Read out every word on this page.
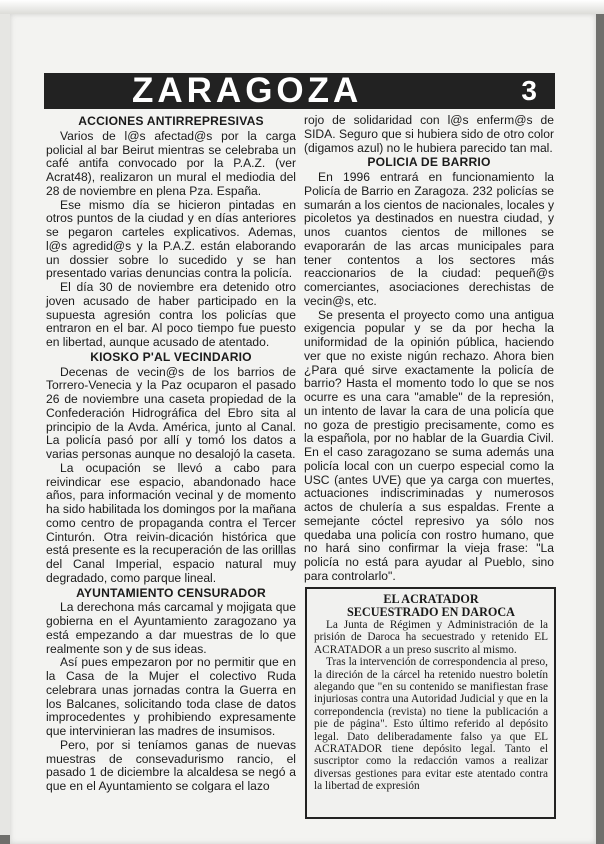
ZARAGOZA	3
ACCIONES ANTIRREPRESIVAS

Varios de l@s afectad@s por la carga policial al bar Beirut mientras se celebraba un café antifa convocado por la P.A.Z. (ver Acrat48), realizaron un mural el mediodia del 28 de noviembre en plena Pza. España.

Ese mismo día se hicieron pintadas en otros puntos de la ciudad y en días anteriores se pegaron carteles explicativos. Ademas, l@s agredid@s y la P.A.Z. están elaborando un dossier sobre lo sucedido y se han presentado varias denuncias contra la policía.

El día 30 de noviembre era detenido otro joven acusado de haber participado en la supuesta agresión contra los policías que entraron en el bar. Al poco tiempo fue puesto en libertad, aunque acusado de atentado.

KIOSKO P'AL VECINDARIO

Decenas de vecin@s de los barrios de Torrero-Venecia y la Paz ocuparon el pasado 26 de noviembre una caseta propiedad de la Confederación Hidrográfica del Ebro sita al principio de la Avda. América, junto al Canal. La policía pasó por allí y tomó los datos a varias personas aunque no desalojó la caseta.

La ocupación se llevó a cabo para reivindicar ese espacio, abandonado hace años, para información vecinal y de momento ha sido habilitada los domingos por la mañana como centro de propaganda contra el Tercer Cinturón. Otra reivin-dicación histórica que está presente es la recuperación de las orilllas del Canal Imperial, espacio natural muy degradado, como parque lineal.

AYUNTAMIENTO CENSURADOR

La derechona más carcamal y mojigata que gobierna en el Ayuntamiento zaragozano ya está empezando a dar muestras de lo que realmente son y de sus ideas.

Así pues empezaron por no permitir que en la Casa de la Mujer el colectivo Ruda celebrara unas jornadas contra la Guerra en los Balcanes, solicitando toda clase de datos improcedentes y prohibiendo expresamente que intervinieran las madres de insumisos.

Pero, por si teníamos ganas de nuevas muestras de consevadurismo rancio, el pasado 1 de diciembre la alcaldesa se negó a que en el Ayuntamiento se colgara el lazo

rojo de solidaridad con l@s enferm@s de SIDA. Seguro que si hubiera sido de otro color (digamos azul) no le hubiera parecido tan mal.

POLICIA DE BARRIO

En 1996 entrará en funcionamiento la Policía de Barrio en Zaragoza. 232 policías se sumarán a los cientos de nacionales, locales y picoletos ya destinados en nuestra ciudad, y unos cuantos cientos de millones se evaporarán de las arcas municipales para tener contentos a los sectores más reaccionarios de la ciudad: pequeñ@s comerciantes, asociaciones derechistas de vecin@s, etc.

Se presenta el proyecto como una antigua exigencia popular y se da por hecha la uniformidad de la opinión pública, haciendo ver que no existe nigún rechazo. Ahora bien ¿Para qué sirve exactamente la policía de barrio? Hasta el momento todo lo que se nos ocurre es una cara "amable" de la represión, un intento de lavar la cara de una policía que no goza de prestigio precisamente, como es la española, por no hablar de la Guardia Civil. En el caso zaragozano se suma además una policía local con un cuerpo especial como la USC (antes UVE) que ya carga con muertes, actuaciones indiscriminadas y numerosos actos de chulería a sus espaldas. Frente a semejante cóctel represivo ya sólo nos quedaba una policía con rostro humano, que no hará sino confirmar la vieja frase: "La policía no está para ayudar al Pueblo, sino para controlarlo".

EL ACRATADOR
SECUESTRADO EN DAROCA

La Junta de Régimen y Administración de la prisión de Daroca ha secuestrado y retenido EL ACRATADOR a un preso suscrito al mismo.

Tras la intervención de correspondencia al preso, la direción de la cárcel ha retenido nuestro boletín alegando que "en su contenido se manifiestan frase injuriosas contra una Autoridad Judicial y que en la correpondencia (revista) no tiene la publicación a pie de página". Esto último referido al depósito legal. Dato deliberadamente falso ya que EL ACRATADOR tiene depósito legal. Tanto el suscriptor como la redacción vamos a realizar diversas gestiones para evitar este atentado contra la libertad de expresión
